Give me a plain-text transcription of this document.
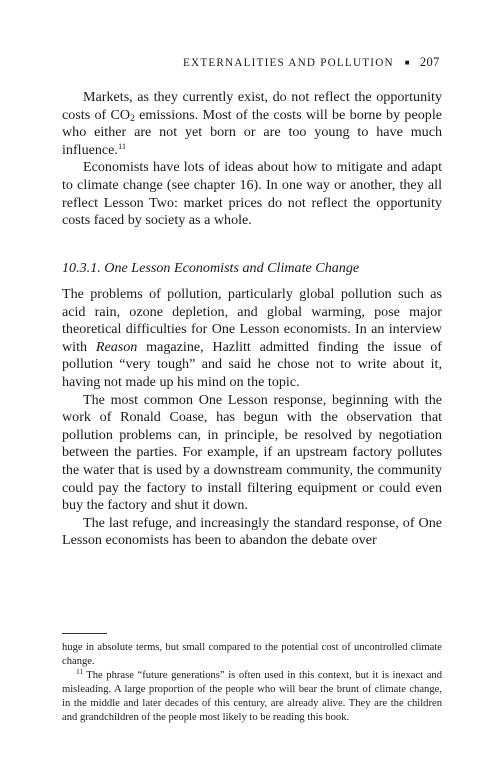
EXTERNALITIES AND POLLUTION ■ 207

Markets, as they currently exist, do not reflect the opportunity costs of $CO_2$ emissions. Most of the costs will be borne by people who either are not yet born or are too young to have much influence.$^{11}$

Economists have lots of ideas about how to mitigate and adapt to climate change (see chapter 16). In one way or another, they all reflect Lesson Two: market prices do not reflect the opportunity costs faced by society as a whole.

10.3.1. One Lesson Economists and Climate Change

The problems of pollution, particularly global pollution such as acid rain, ozone depletion, and global warming, pose major theoretical difficulties for One Lesson economists. In an interview with Reason magazine, Hazlitt admitted finding the issue of pollution “very tough” and said he chose not to write about it, having not made up his mind on the topic.

The most common One Lesson response, beginning with the work of Ronald Coase, has begun with the observation that pollution problems can, in principle, be resolved by negotiation between the parties. For example, if an upstream factory pollutes the water that is used by a downstream community, the community could pay the factory to install filtering equipment or could even buy the factory and shut it down.

The last refuge, and increasingly the standard response, of One Lesson economists has been to abandon the debate over

huge in absolute terms, but small compared to the potential cost of uncontrolled climate change.

$^{11}$ The phrase “future generations” is often used in this context, but it is inexact and misleading. A large proportion of the people who will bear the brunt of climate change, in the middle and later decades of this century, are already alive. They are the children and grandchildren of the people most likely to be reading this book.
